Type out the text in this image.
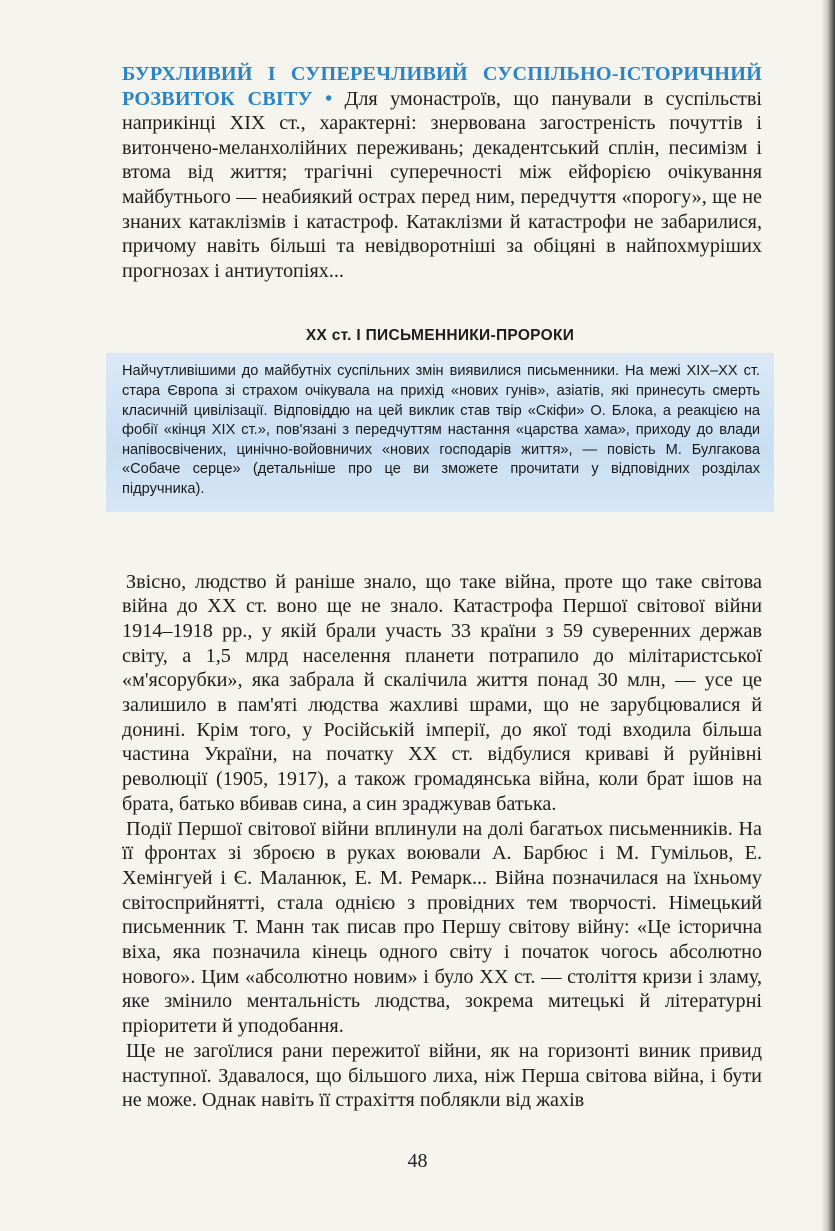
БУРХЛИВИЙ І СУПЕРЕЧЛИВИЙ СУСПІЛЬНО-ІСТОРИЧНИЙ РОЗВИТОК СВІТУ • Для умонастроїв, що панували в суспільстві наприкінці XIX ст., характерні: знервована загостреність почуттів і витончено-меланхолійних переживань; декадентський сплін, песимізм і втома від життя; трагічні суперечності між ейфорією очікування майбутнього — неабиякий острах перед ним, передчуття «порогу», ще не знаних катаклізмів і катастроф. Катаклізми й катастрофи не забарилися, причому навіть більші та невідворотніші за обіцяні в найпохмуріших прогнозах і антиутопіях...

XX ст. І ПИСЬМЕННИКИ-ПРОРОКИ

Найчутливішими до майбутніх суспільних змін виявилися письменники. На межі XIX–XX ст. стара Європа зі страхом очікувала на прихід «нових гунів», азіатів, які принесуть смерть класичній цивілізації. Відповіддю на цей виклик став твір «Скіфи» О. Блока, а реакцією на фобії «кінця XIX ст.», пов'язані з передчуттям настання «царства хама», приходу до влади напівосвічених, цинічно-войовничих «нових господарів життя», — повість М. Булгакова «Собаче серце» (детальніше про це ви зможете прочитати у відповідних розділах підручника).

Звісно, людство й раніше знало, що таке війна, проте що таке світова війна до XX ст. воно ще не знало. Катастрофа Першої світової війни 1914–1918 рр., у якій брали участь 33 країни з 59 суверенних держав світу, а 1,5 млрд населення планети потрапило до мілітаристської «м'ясорубки», яка забрала й скалічила життя понад 30 млн, — усе це залишило в пам'яті людства жахливі шрами, що не зарубцювалися й донині. Крім того, у Російській імперії, до якої тоді входила більша частина України, на початку XX ст. відбулися криваві й руйнівні революції (1905, 1917), а також громадянська війна, коли брат ішов на брата, батько вбивав сина, а син зраджував батька.

Події Першої світової війни вплинули на долі багатьох письменників. На її фронтах зі зброєю в руках воювали А. Барбюс і М. Гумільов, Е. Хемінгуей і Є. Маланюк, Е. М. Ремарк... Війна позначилася на їхньому світосприйнятті, стала однією з провідних тем творчості. Німецький письменник Т. Манн так писав про Першу світову війну: «Це історична віха, яка позначила кінець одного світу і початок чогось абсолютно нового». Цим «абсолютно новим» і було XX ст. — століття кризи і зламу, яке змінило ментальність людства, зокрема митецькі й літературні пріоритети й уподобання.

Ще не загоїлися рани пережитої війни, як на горизонті виник привид наступної. Здавалося, що більшого лиха, ніж Перша світова війна, і бути не може. Однак навіть її страхіття поблякли від жахів

48
